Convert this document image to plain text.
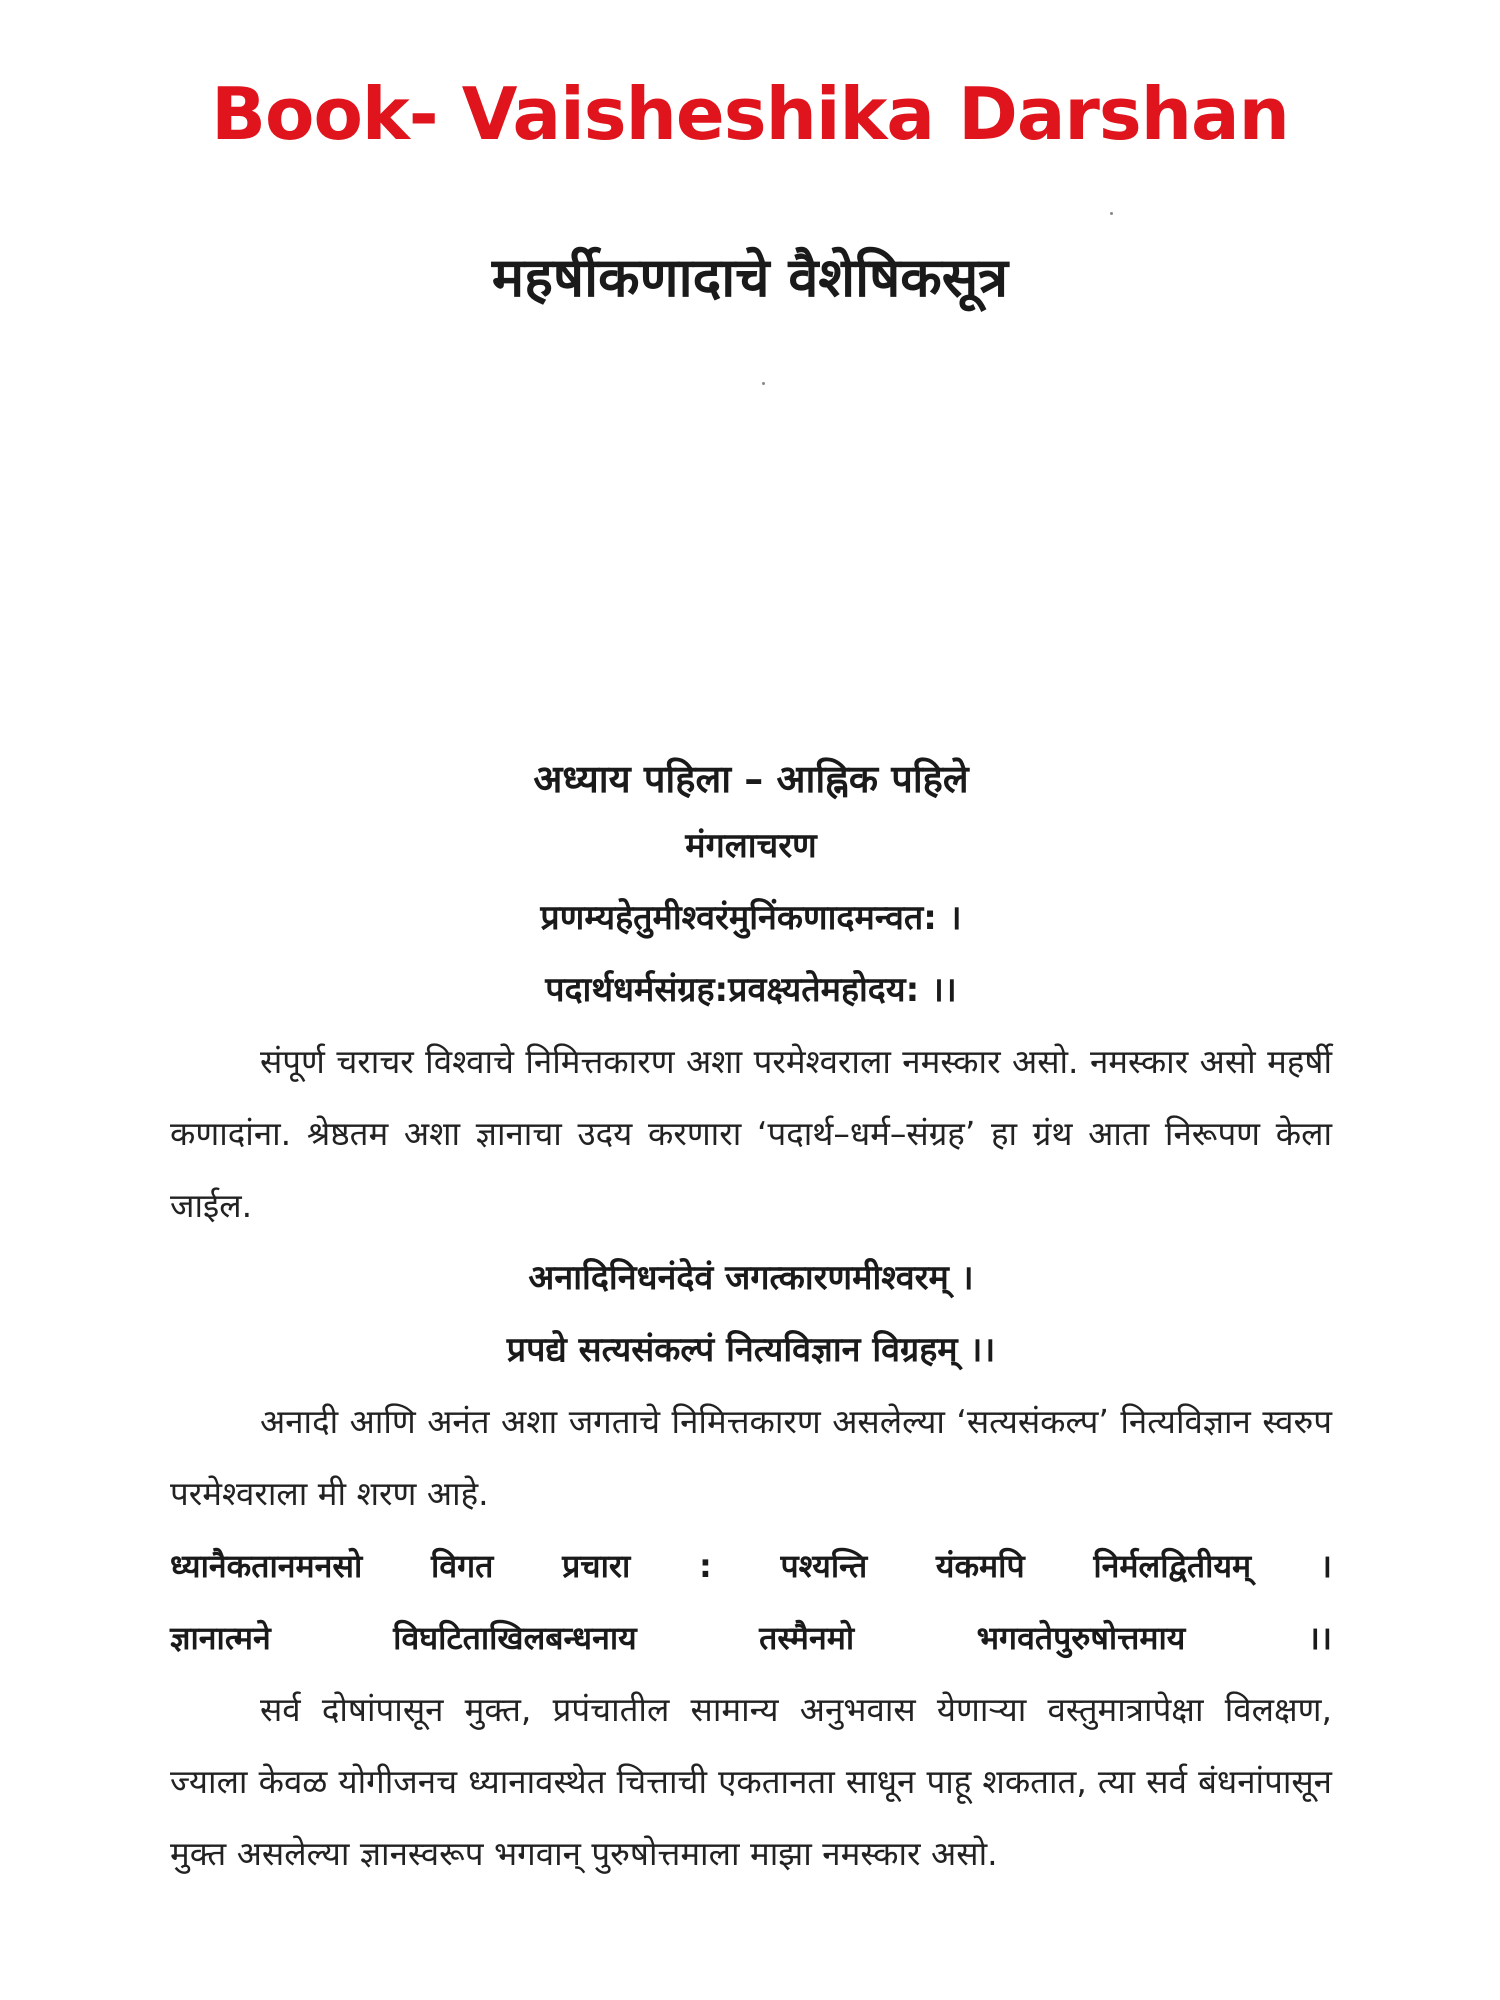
Book- Vaisheshika Darshan
महर्षीकणादाचे वैशेषिकसूत्र

अध्याय पहिला – आह्निक पहिले

मंगलाचरण

प्रणम्यहेतुमीश्वरंमुनिंकणादमन्वत: ।

पदार्थधर्मसंग्रह:प्रवक्ष्यतेमहोदय: ।।

संपूर्ण चराचर विश्वाचे निमित्तकारण अशा परमेश्वराला नमस्कार असो. नमस्कार असो महर्षी कणादांना. श्रेष्ठतम अशा ज्ञानाचा उदय करणारा ‘पदार्थ–धर्म–संग्रह’ हा ग्रंथ आता निरूपण केला जाईल.

अनादिनिधनंदेवं जगत्कारणमीश्वरम् ।

प्रपद्ये सत्यसंकल्पं नित्यविज्ञान विग्रहम् ।।

अनादी आणि अनंत अशा जगताचे निमित्तकारण असलेल्या ‘सत्यसंकल्प’ नित्यविज्ञान स्वरुप परमेश्वराला मी शरण आहे.

ध्यानैकतानमनसो विगत प्रचारा : पश्यन्ति यंकमपि निर्मलद्वितीयम् ।

ज्ञानात्मने विघटिताखिलबन्धनाय तस्मैनमो भगवतेपुरुषोत्तमाय ।।

सर्व दोषांपासून मुक्त, प्रपंचातील सामान्य अनुभवास येणाऱ्या वस्तुमात्रापेक्षा विलक्षण, ज्याला केवळ योगीजनच ध्यानावस्थेत चित्ताची एकतानता साधून पाहू शकतात, त्या सर्व बंधनांपासून मुक्त असलेल्या ज्ञानस्वरूप भगवान् पुरुषोत्तमाला माझा नमस्कार असो.
